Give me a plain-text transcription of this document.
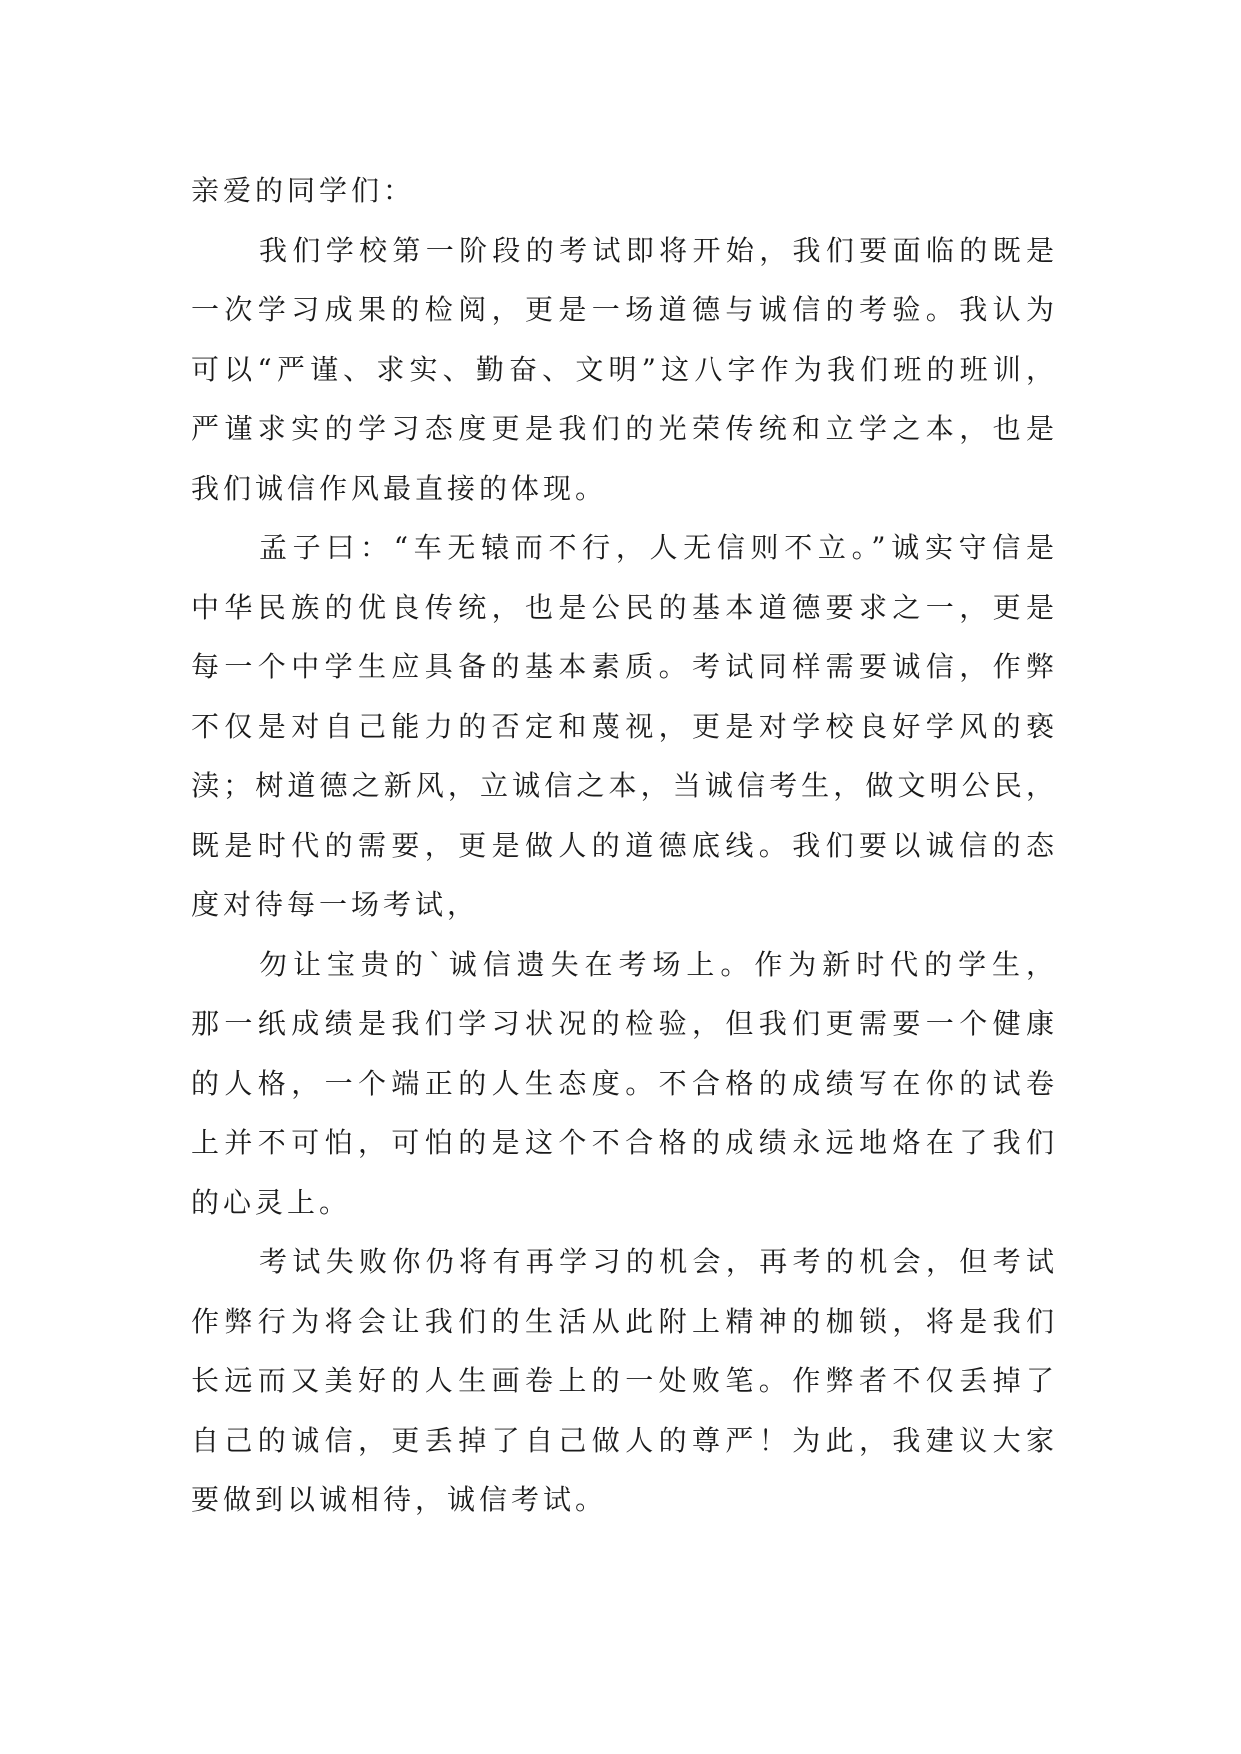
亲爱的同学们：
我们学校第一阶段的考试即将开始，我们要面临的既是
一次学习成果的检阅，更是一场道德与诚信的考验。我认为
可以“严谨、求实、勤奋、文明”这八字作为我们班的班训，
严谨求实的学习态度更是我们的光荣传统和立学之本，也是
我们诚信作风最直接的体现。
孟子曰：“车无辕而不行，人无信则不立。”诚实守信是
中华民族的优良传统，也是公民的基本道德要求之一，更是
每一个中学生应具备的基本素质。考试同样需要诚信，作弊
不仅是对自己能力的否定和蔑视，更是对学校良好学风的亵
渎；树道德之新风，立诚信之本，当诚信考生，做文明公民，
既是时代的需要，更是做人的道德底线。我们要以诚信的态
度对待每一场考试，
勿让宝贵的`诚信遗失在考场上。作为新时代的学生，
那一纸成绩是我们学习状况的检验，但我们更需要一个健康
的人格，一个端正的人生态度。不合格的成绩写在你的试卷
上并不可怕，可怕的是这个不合格的成绩永远地烙在了我们
的心灵上。
考试失败你仍将有再学习的机会，再考的机会，但考试
作弊行为将会让我们的生活从此附上精神的枷锁，将是我们
长远而又美好的人生画卷上的一处败笔。作弊者不仅丢掉了
自己的诚信，更丢掉了自己做人的尊严！为此，我建议大家
要做到以诚相待，诚信考试。
